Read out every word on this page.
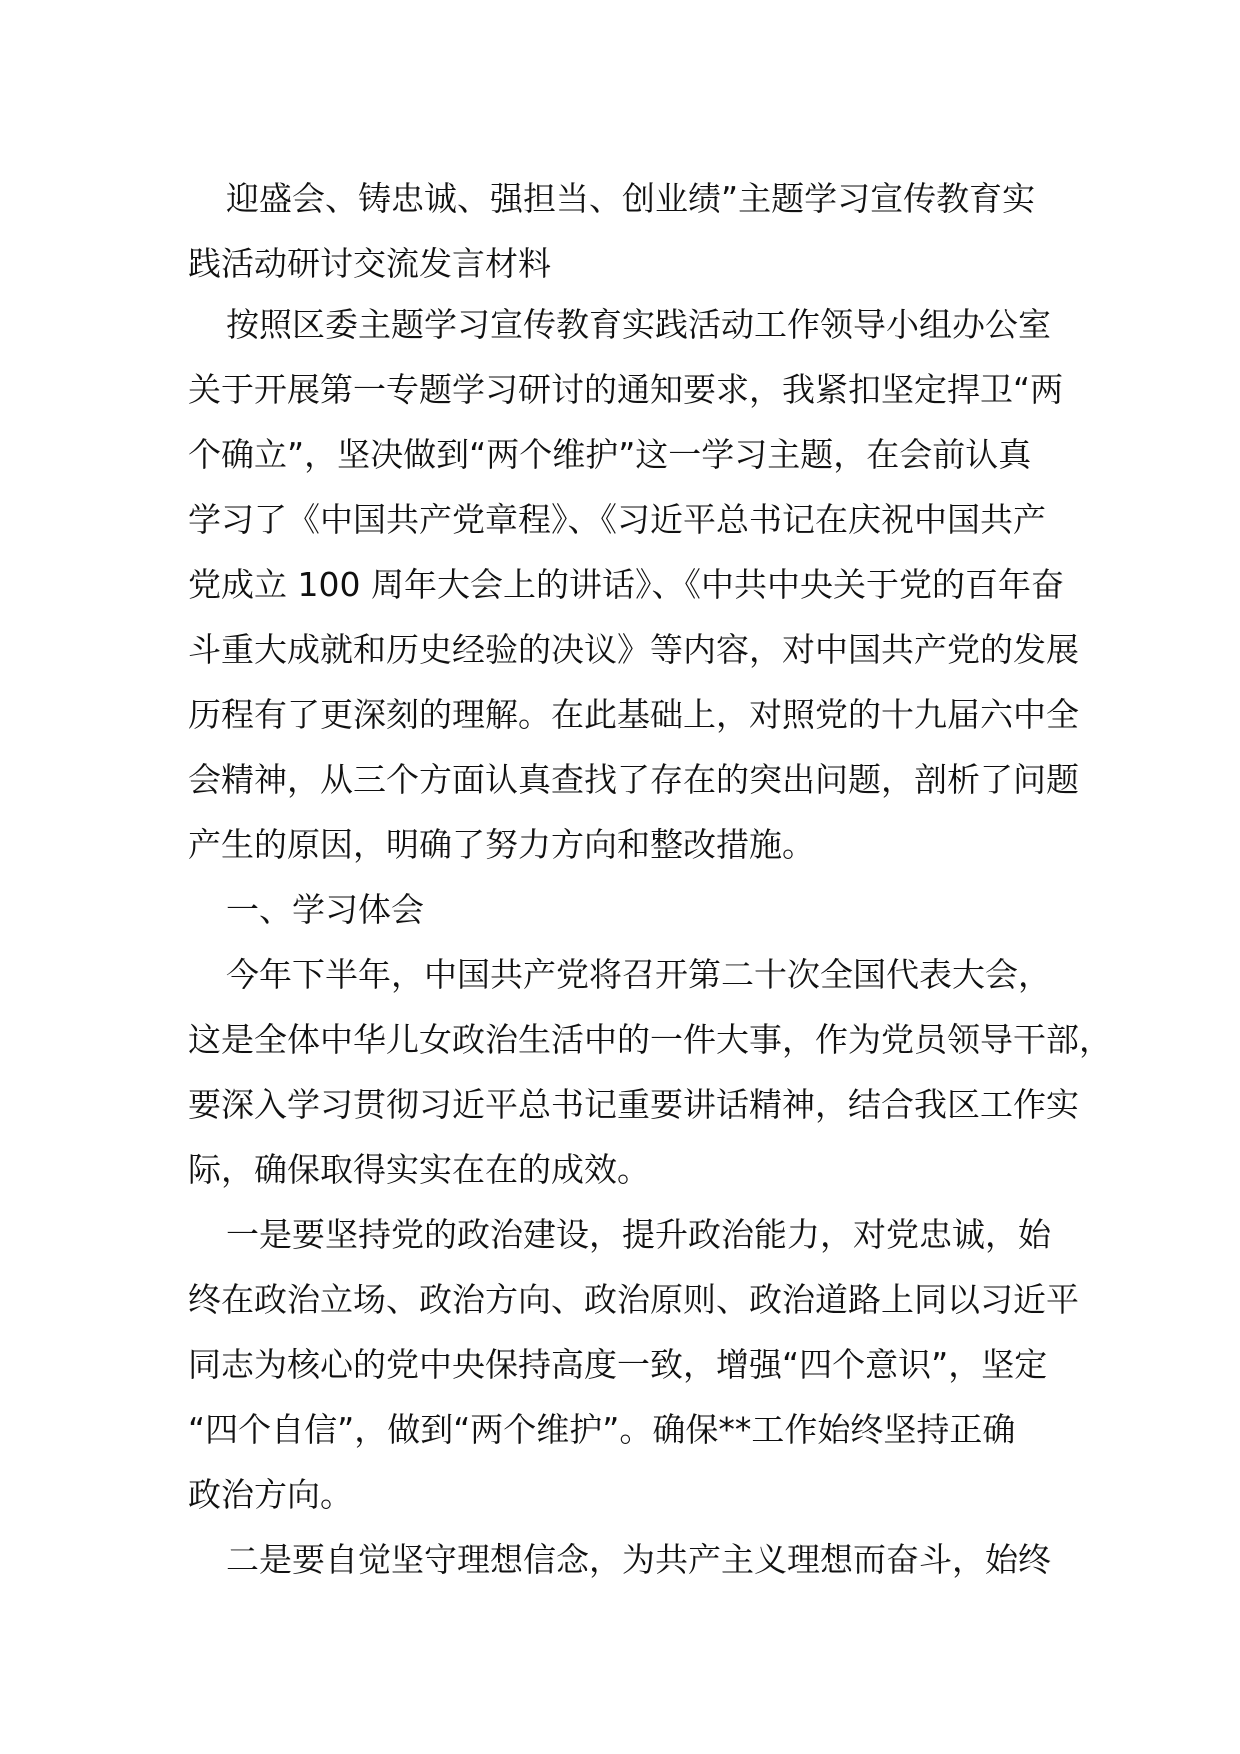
迎盛会、铸忠诚、强担当、创业绩”主题学习宣传教育实
践活动研讨交流发言材料
按照区委主题学习宣传教育实践活动工作领导小组办公室
关于开展第一专题学习研讨的通知要求，我紧扣坚定捍卫“两
个确立”，坚决做到“两个维护”这一学习主题，在会前认真
学习了《中国共产党章程》、《习近平总书记在庆祝中国共产
党成立 100 周年大会上的讲话》、《中共中央关于党的百年奋
斗重大成就和历史经验的决议》等内容，对中国共产党的发展
历程有了更深刻的理解。在此基础上，对照党的十九届六中全
会精神，从三个方面认真查找了存在的突出问题，剖析了问题
产生的原因，明确了努力方向和整改措施。
一、学习体会
今年下半年，中国共产党将召开第二十次全国代表大会，
这是全体中华儿女政治生活中的一件大事，作为党员领导干部，
要深入学习贯彻习近平总书记重要讲话精神，结合我区工作实
际，确保取得实实在在的成效。
一是要坚持党的政治建设，提升政治能力，对党忠诚，始
终在政治立场、政治方向、政治原则、政治道路上同以习近平
同志为核心的党中央保持高度一致，增强“四个意识”，坚定
“四个自信”，做到“两个维护”。确保**工作始终坚持正确
政治方向。
二是要自觉坚守理想信念，为共产主义理想而奋斗，始终
